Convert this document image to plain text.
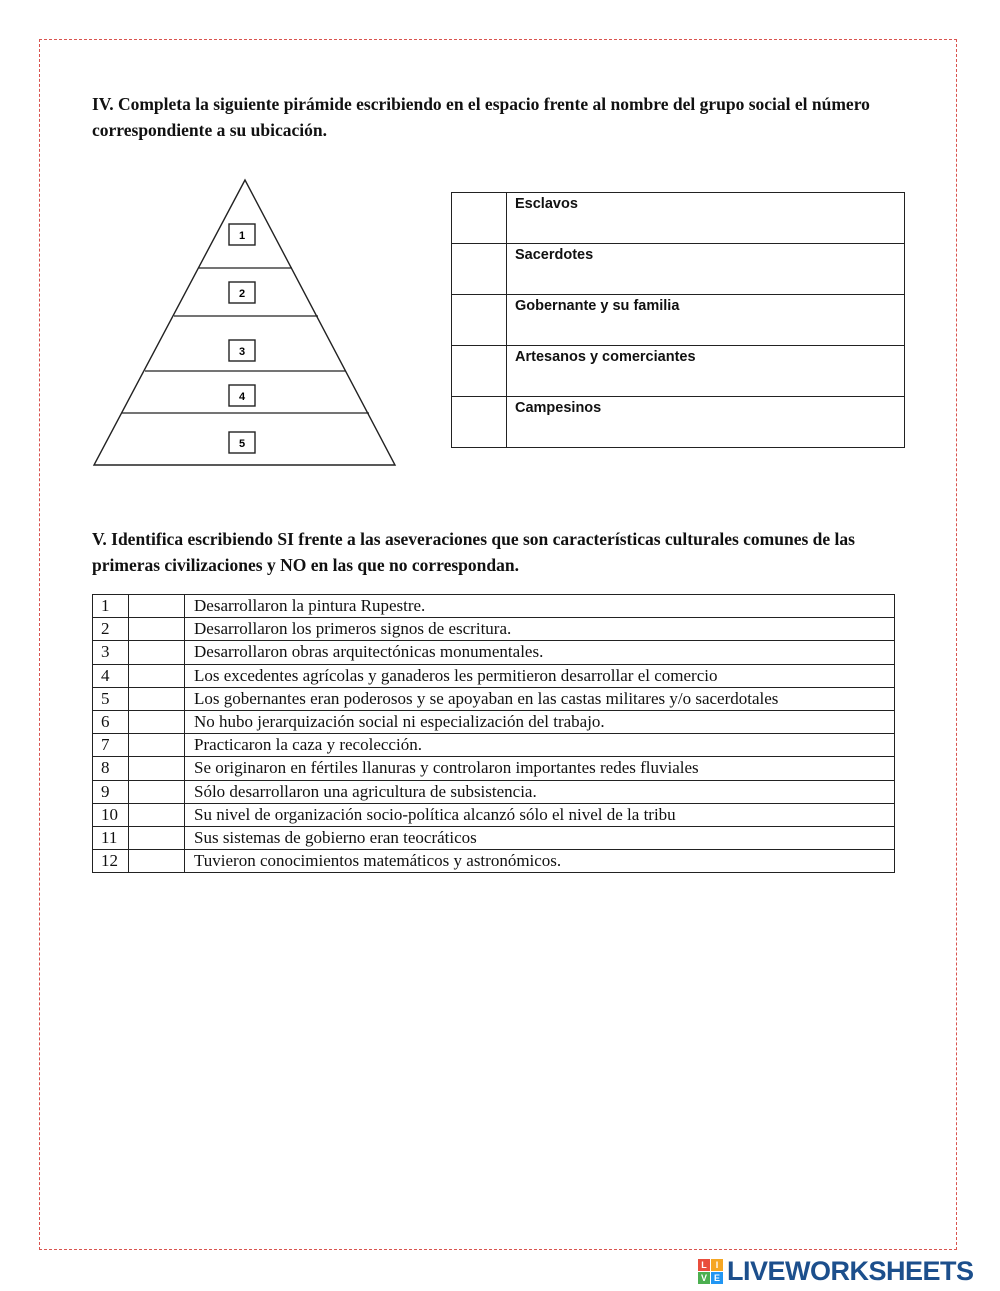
IV. Completa la siguiente pirámide escribiendo en el espacio frente al nombre del grupo social el número correspondiente a su ubicación.
1
2
3
4
5
	Esclavos
	Sacerdotes
	Gobernante y su familia
	Artesanos y comerciantes
	Campesinos
V. Identifica escribiendo SI frente a las aseveraciones que son características culturales comunes de las primeras civilizaciones y NO en las que no correspondan.
1		Desarrollaron la pintura Rupestre.
2		Desarrollaron los primeros signos de escritura.
3		Desarrollaron obras arquitectónicas monumentales.
4		Los excedentes agrícolas y ganaderos les permitieron desarrollar el comercio
5		Los gobernantes eran poderosos y se apoyaban en las castas militares y/o sacerdotales
6		No hubo jerarquización social ni especialización del trabajo.
7		Practicaron la caza y recolección.
8		Se originaron en fértiles llanuras y controlaron importantes redes fluviales
9		Sólo desarrollaron una agricultura de subsistencia.
10		Su nivel de organización socio-política alcanzó sólo el nivel de la tribu
11		Sus sistemas de gobierno eran teocráticos
12		Tuvieron conocimientos matemáticos y astronómicos.
L I
V E LIVEWORKSHEETS
